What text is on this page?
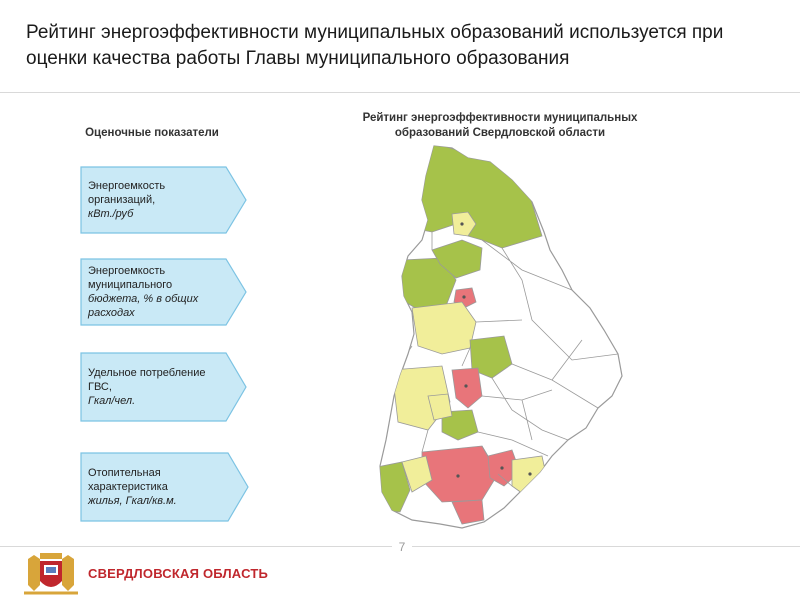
Рейтинг энергоэффективности муниципальных образований используется при оценки качества работы Главы муниципального образования
Оценочные показатели
Рейтинг энергоэффективности муниципальных образований Свердловской области
Энергоемкость организаций,
кВт./руб
Энергоемкость муниципального
бюджета, % в общих расходах
Удельное потребление ГВС,
Гкал/чел.
Отопительная характеристика
жилья, Гкал/кв.м.
7
СВЕРДЛОВСКАЯ ОБЛАСТЬ
